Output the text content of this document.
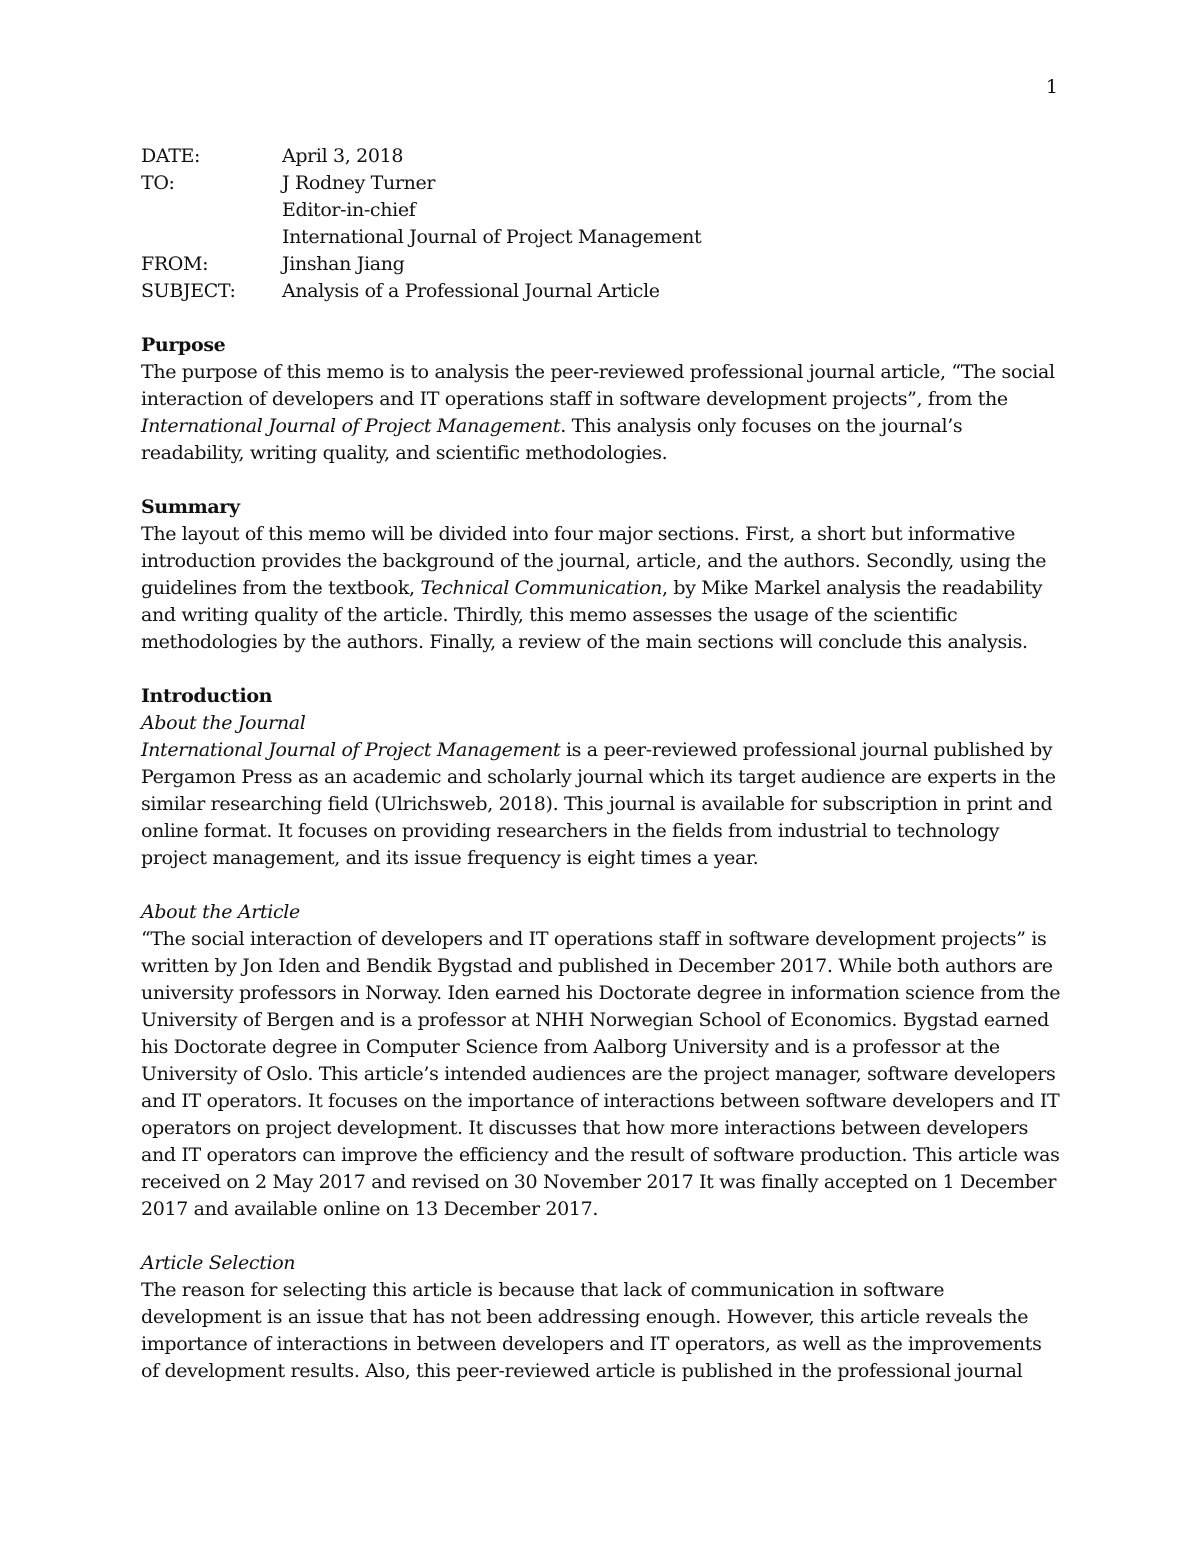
1
DATE:	April 3, 2018
TO:	J Rodney Turner
Editor-in-chief
International Journal of Project Management
FROM:	Jinshan Jiang
SUBJECT:	Analysis of a Professional Journal Article
Purpose

The purpose of this memo is to analysis the peer-reviewed professional journal article, “The social interaction of developers and IT operations staff in software development projects”, from the International Journal of Project Management. This analysis only focuses on the journal’s readability, writing quality, and scientific methodologies.

Summary

The layout of this memo will be divided into four major sections. First, a short but informative introduction provides the background of the journal, article, and the authors. Secondly, using the guidelines from the textbook, Technical Communication, by Mike Markel analysis the readability and writing quality of the article. Thirdly, this memo assesses the usage of the scientific methodologies by the authors. Finally, a review of the main sections will conclude this analysis.

Introduction
About the Journal

International Journal of Project Management is a peer-reviewed professional journal published by Pergamon Press as an academic and scholarly journal which its target audience are experts in the similar researching field (Ulrichsweb, 2018). This journal is available for subscription in print and online format. It focuses on providing researchers in the fields from industrial to technology project management, and its issue frequency is eight times a year.

About the Article

“The social interaction of developers and IT operations staff in software development projects” is written by Jon Iden and Bendik Bygstad and published in December 2017. While both authors are university professors in Norway. Iden earned his Doctorate degree in information science from the University of Bergen and is a professor at NHH Norwegian School of Economics. Bygstad earned his Doctorate degree in Computer Science from Aalborg University and is a professor at the University of Oslo. This article’s intended audiences are the project manager, software developers and IT operators. It focuses on the importance of interactions between software developers and IT operators on project development. It discusses that how more interactions between developers and IT operators can improve the efficiency and the result of software production. This article was received on 2 May 2017 and revised on 30 November 2017 It was finally accepted on 1 December 2017 and available online on 13 December 2017.

Article Selection

The reason for selecting this article is because that lack of communication in software development is an issue that has not been addressing enough. However, this article reveals the importance of interactions in between developers and IT operators, as well as the improvements of development results. Also, this peer-reviewed article is published in the professional journal
